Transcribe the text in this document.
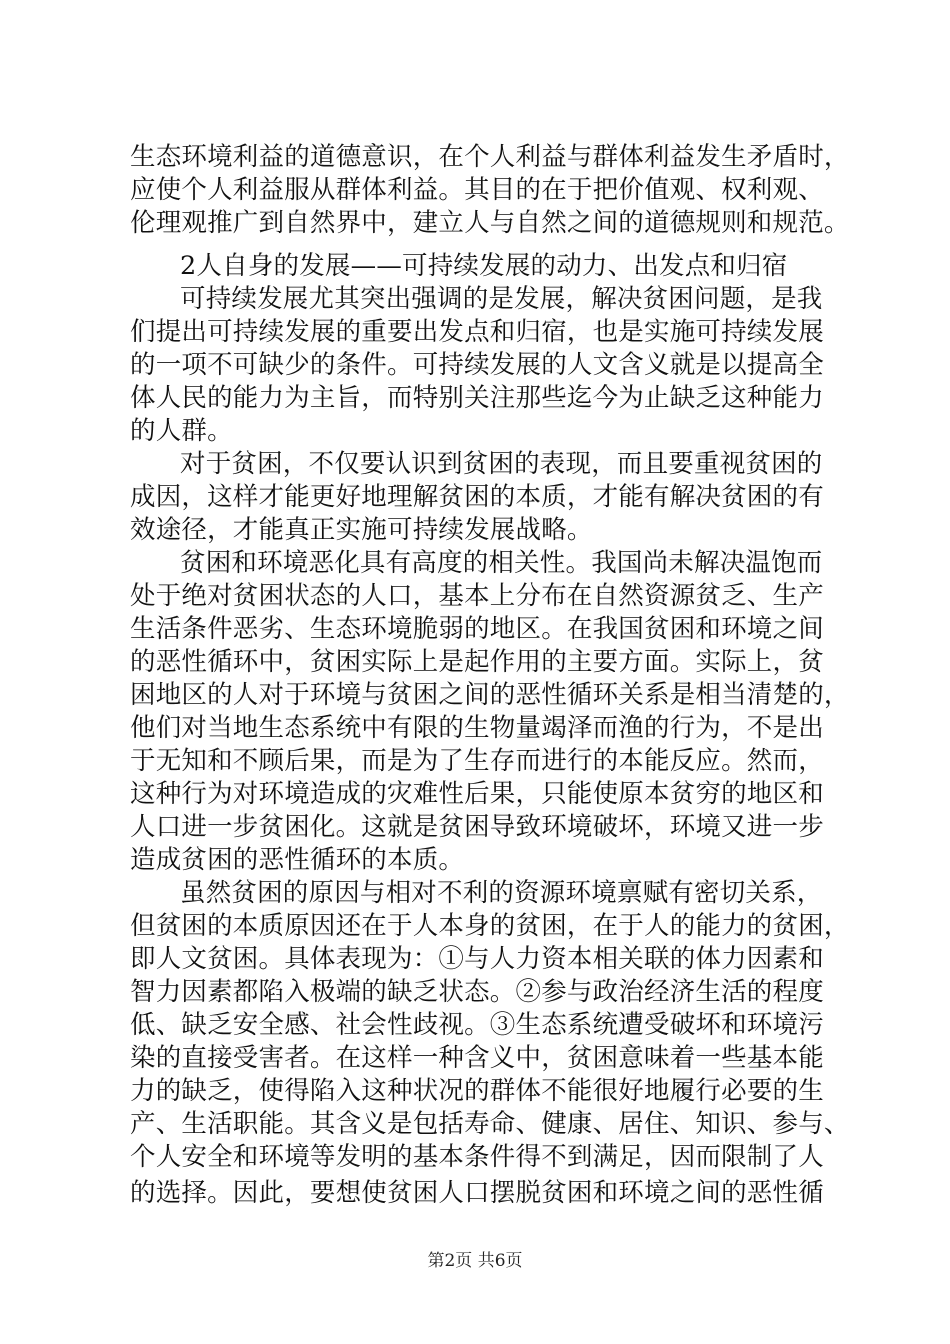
生态环境利益的道德意识，在个人利益与群体利益发生矛盾时，
应使个人利益服从群体利益。其目的在于把价值观、权利观、
伦理观推广到自然界中，建立人与自然之间的道德规则和规范。
2人自身的发展——可持续发展的动力、出发点和归宿
可持续发展尤其突出强调的是发展，解决贫困问题，是我
们提出可持续发展的重要出发点和归宿，也是实施可持续发展
的一项不可缺少的条件。可持续发展的人文含义就是以提高全
体人民的能力为主旨，而特别关注那些迄今为止缺乏这种能力
的人群。
对于贫困，不仅要认识到贫困的表现，而且要重视贫困的
成因，这样才能更好地理解贫困的本质，才能有解决贫困的有
效途径，才能真正实施可持续发展战略。
贫困和环境恶化具有高度的相关性。我国尚未解决温饱而
处于绝对贫困状态的人口，基本上分布在自然资源贫乏、生产
生活条件恶劣、生态环境脆弱的地区。在我国贫困和环境之间
的恶性循环中，贫困实际上是起作用的主要方面。实际上，贫
困地区的人对于环境与贫困之间的恶性循环关系是相当清楚的，
他们对当地生态系统中有限的生物量竭泽而渔的行为，不是出
于无知和不顾后果，而是为了生存而进行的本能反应。然而，
这种行为对环境造成的灾难性后果，只能使原本贫穷的地区和
人口进一步贫困化。这就是贫困导致环境破坏，环境又进一步
造成贫困的恶性循环的本质。
虽然贫困的原因与相对不利的资源环境禀赋有密切关系，
但贫困的本质原因还在于人本身的贫困，在于人的能力的贫困，
即人文贫困。具体表现为：①与人力资本相关联的体力因素和
智力因素都陷入极端的缺乏状态。②参与政治经济生活的程度
低、缺乏安全感、社会性歧视。③生态系统遭受破坏和环境污
染的直接受害者。在这样一种含义中，贫困意味着一些基本能
力的缺乏，使得陷入这种状况的群体不能很好地履行必要的生
产、生活职能。其含义是包括寿命、健康、居住、知识、参与、
个人安全和环境等发明的基本条件得不到满足，因而限制了人
第2页 共6页
的选择。因此，要想使贫困人口摆脱贫困和环境之间的恶性循
